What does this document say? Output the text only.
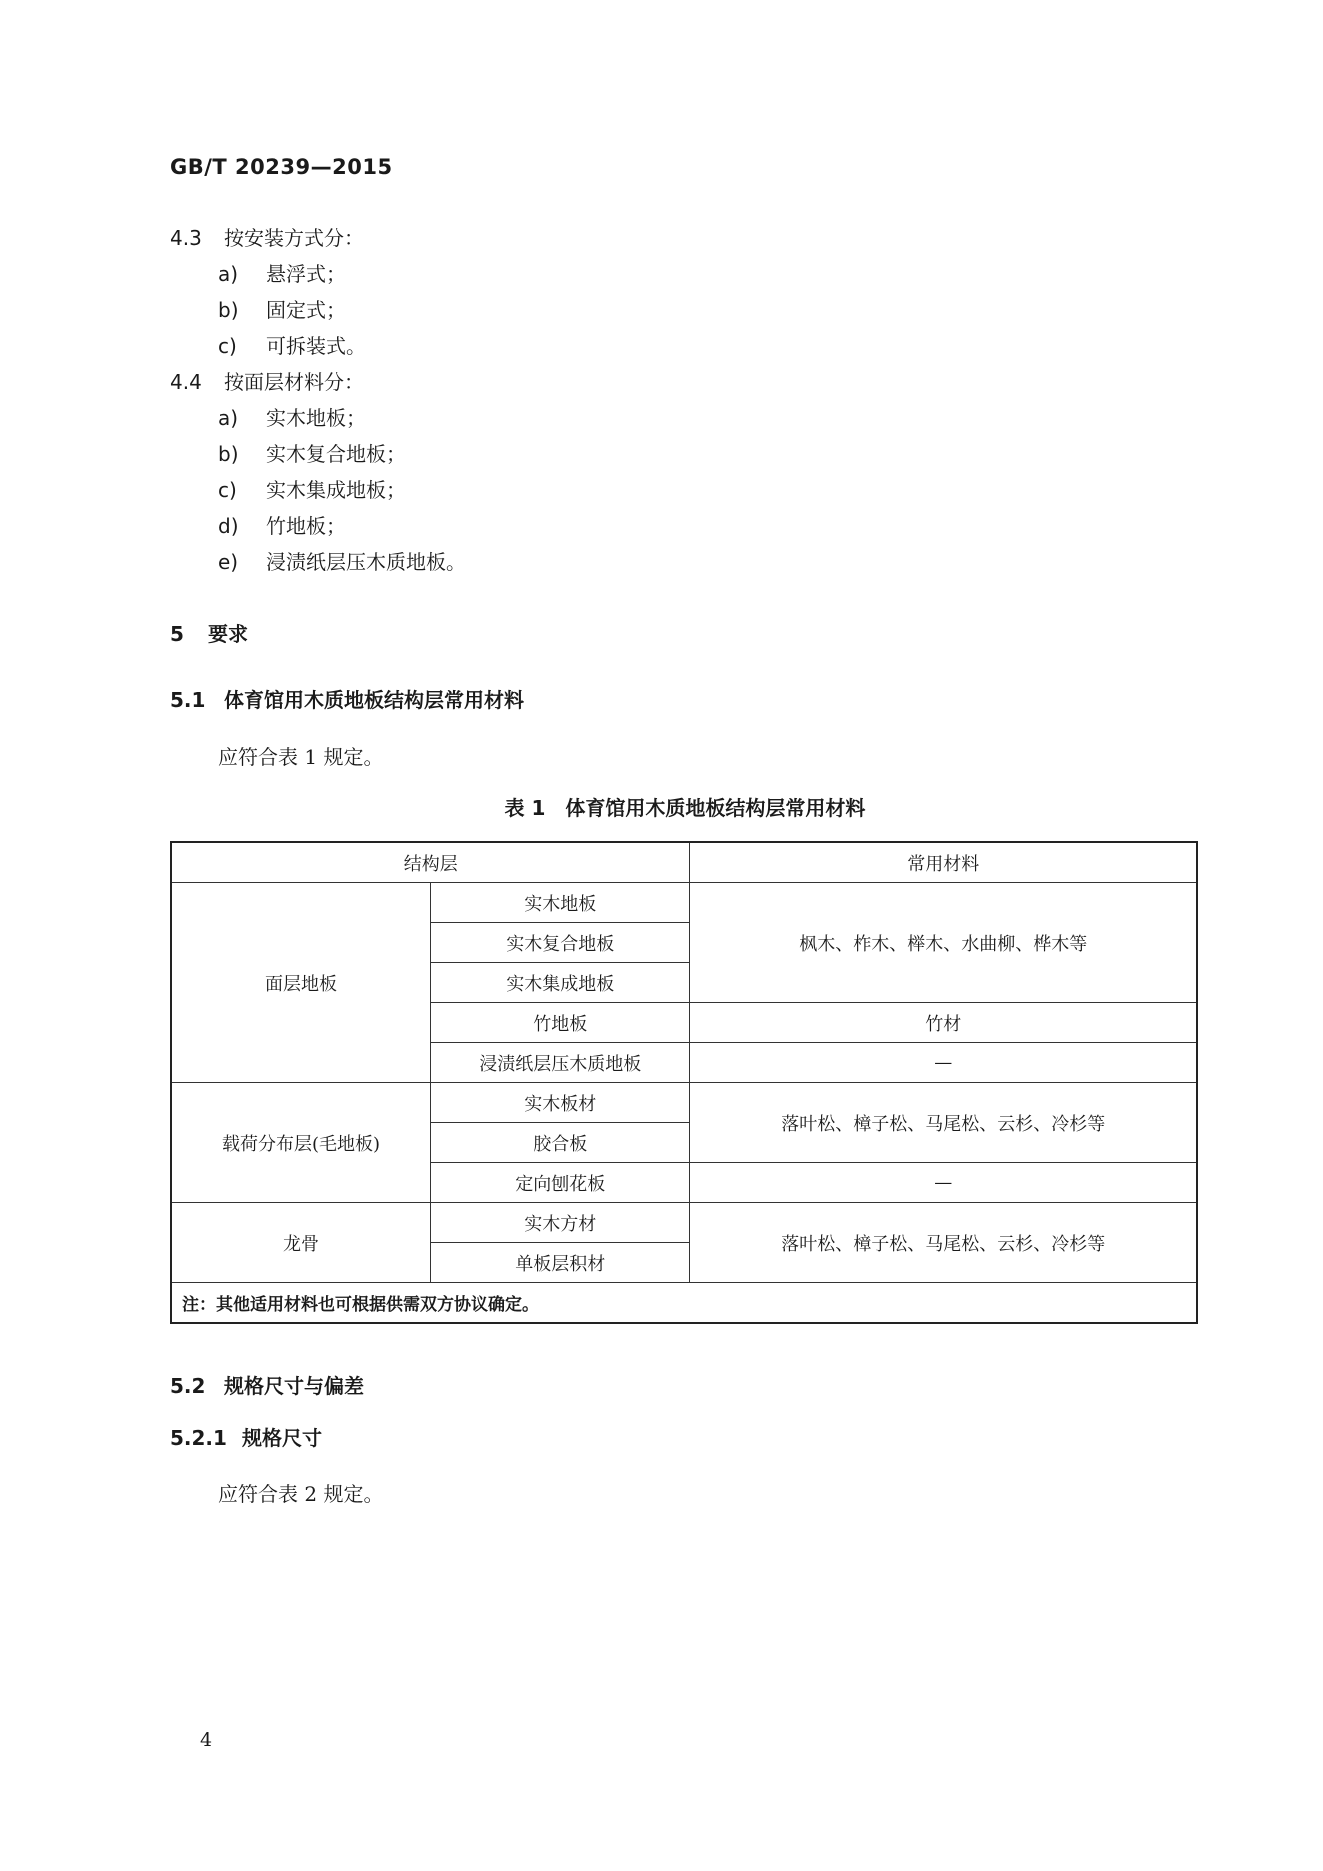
GB/T 20239—2015
4.3 按安装方式分：
a) 悬浮式；
b) 固定式；
c) 可拆装式。
4.4 按面层材料分：
a) 实木地板；
b) 实木复合地板；
c) 实木集成地板；
d) 竹地板；
e) 浸渍纸层压木质地板。
5 要求
5.1 体育馆用木质地板结构层常用材料
应符合表 1 规定。
表 1　体育馆用木质地板结构层常用材料
结构层		常用材料
面层地板	实木地板	枫木、柞木、榉木、水曲柳、桦木等
	实木复合地板	
	实木集成地板	
	竹地板	竹材
	浸渍纸层压木质地板	—
载荷分布层(毛地板)	实木板材	落叶松、樟子松、马尾松、云杉、冷杉等
	胶合板	
	定向刨花板	—
龙骨	实木方材	落叶松、樟子松、马尾松、云杉、冷杉等
	单板层积材	
注：其他适用材料也可根据供需双方协议确定。		
5.2 规格尺寸与偏差
5.2.1 规格尺寸
应符合表 2 规定。
4
